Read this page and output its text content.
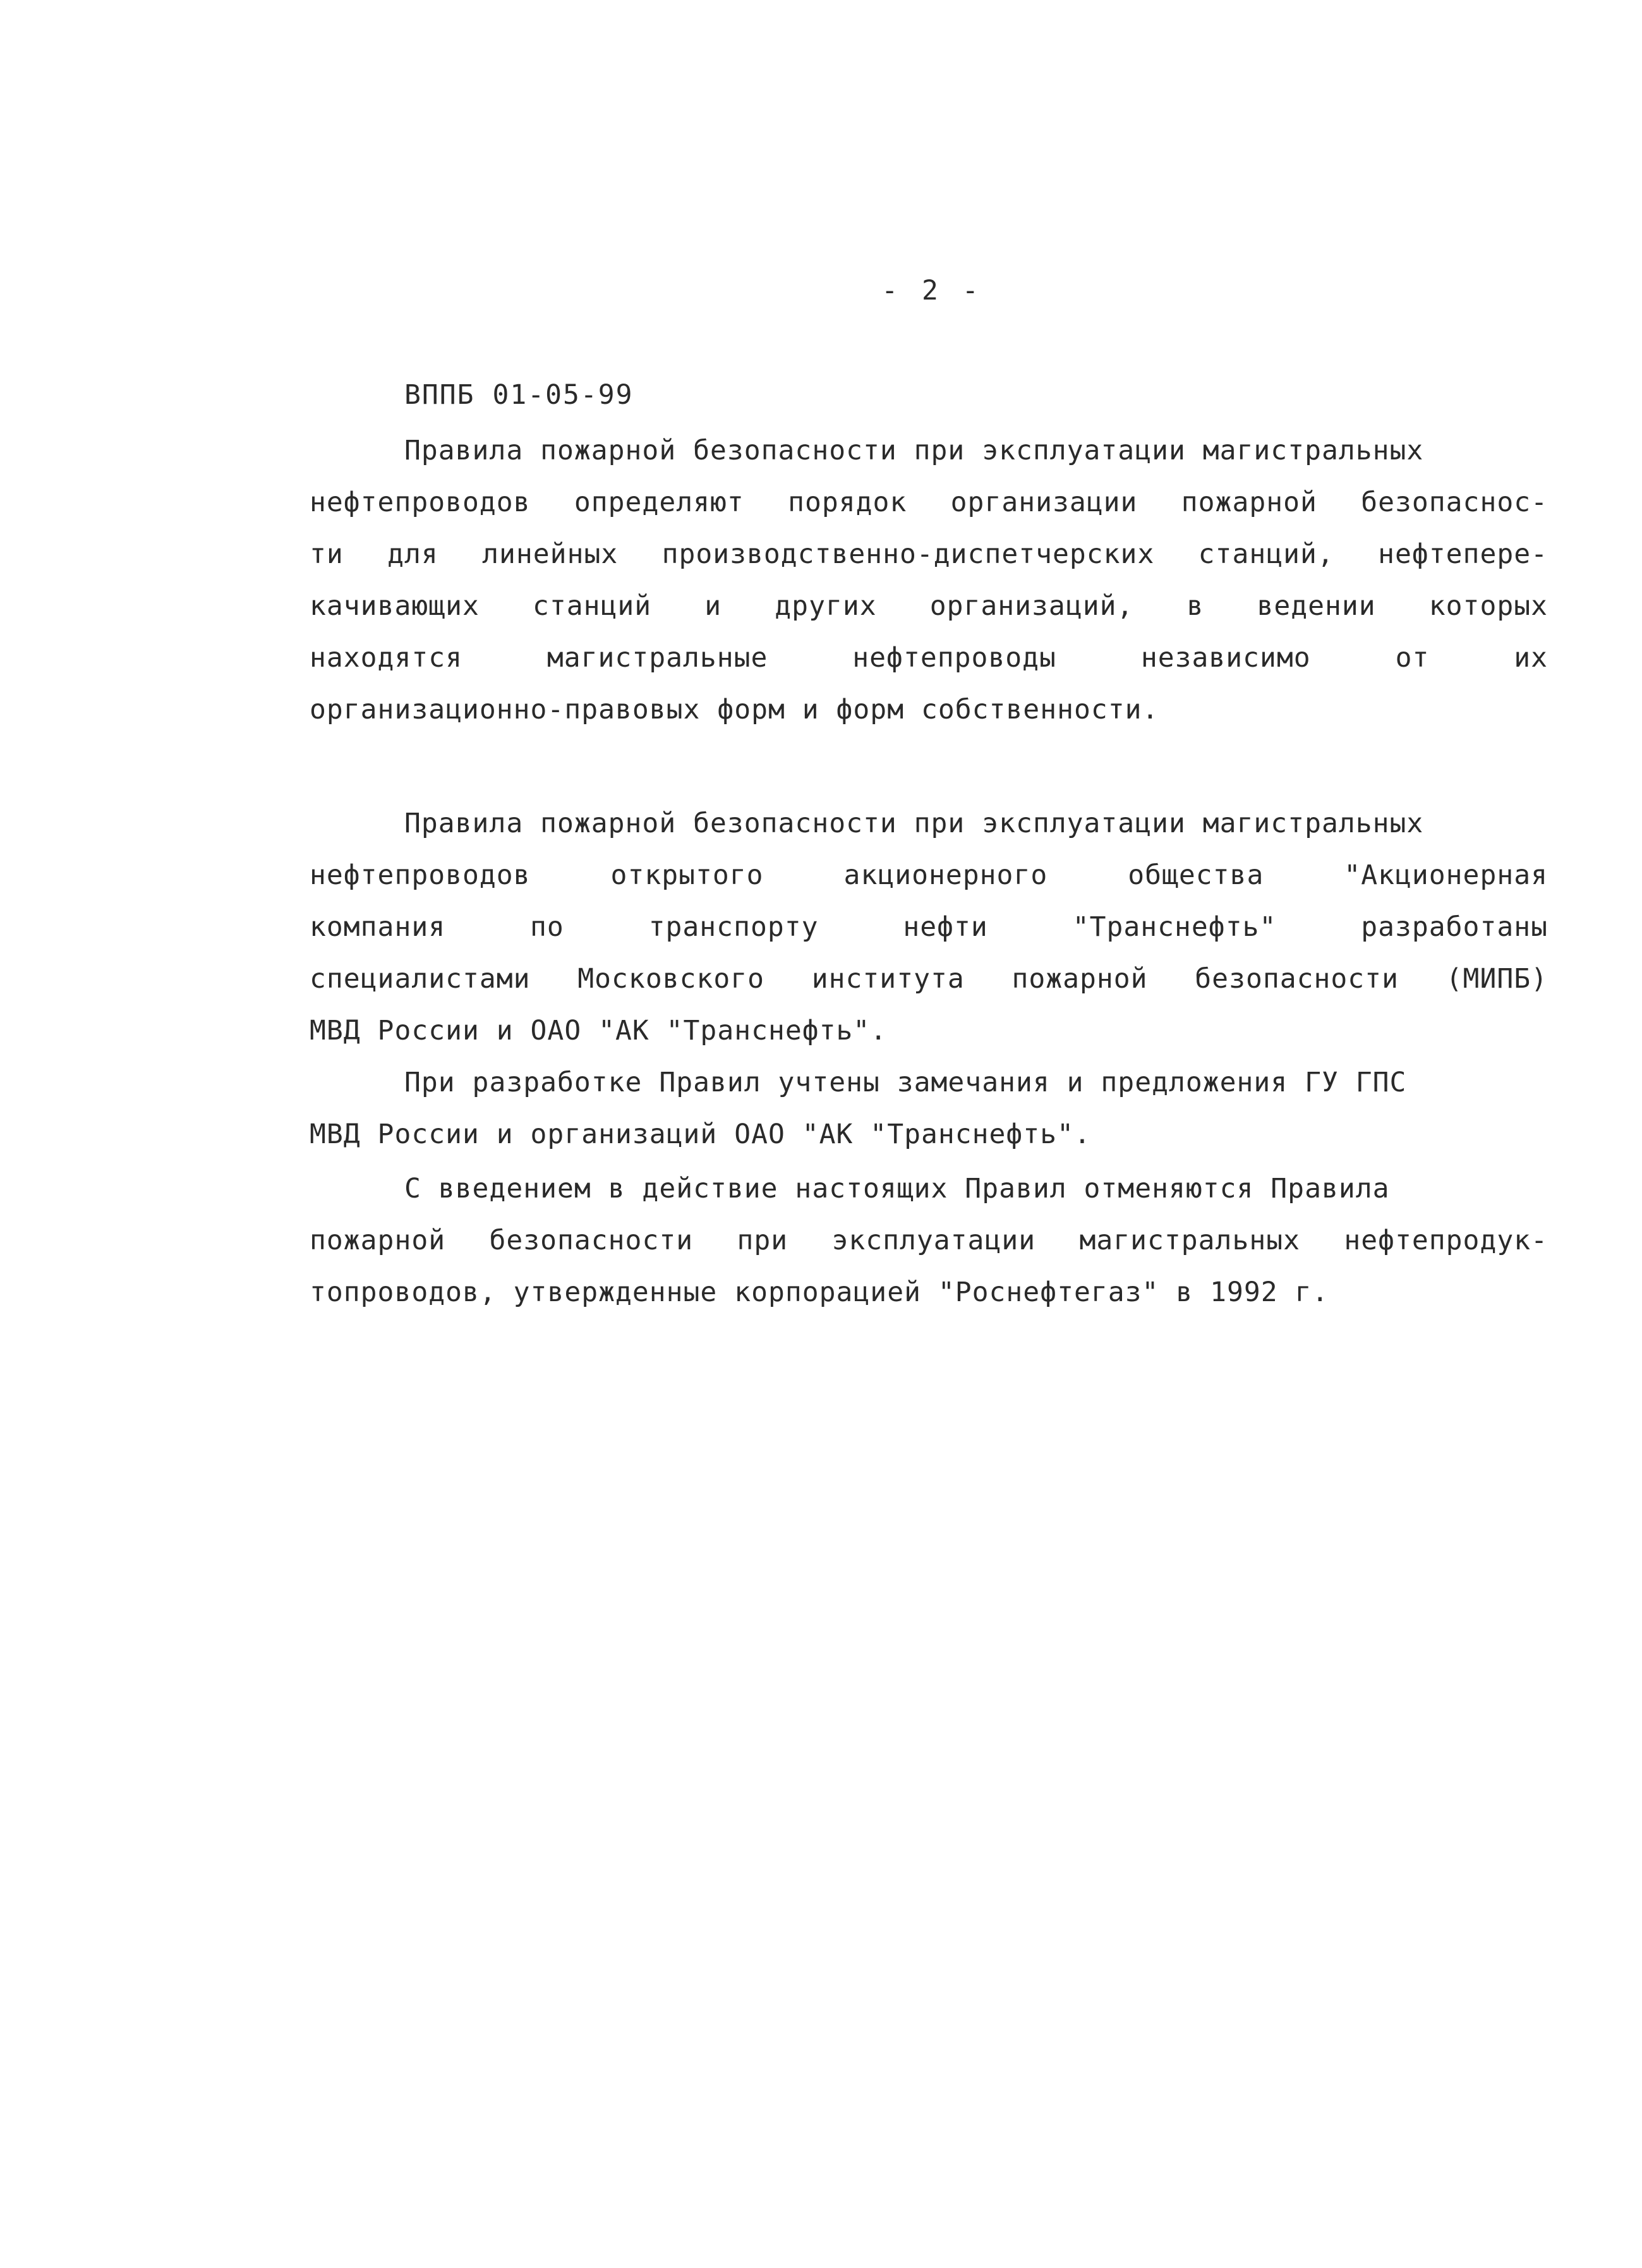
- 2 -

ВППБ 01-05-99

Правила пожарной безопасности при эксплуатации магистральных
нефтепроводов определяют порядок организации пожарной безопаснос-
ти для линейных производственно-диспетчерских станций, нефтепере-
качивающих станций и других организаций, в ведении которых
находятся магистральные нефтепроводы независимо от их
организационно-правовых форм и форм собственности.
Правила пожарной безопасности при эксплуатации магистральных
нефтепроводов открытого акционерного общества "Акционерная
компания по транспорту нефти "Транснефть" разработаны
специалистами Московского института пожарной безопасности (МИПБ)
МВД России и ОАО "АК "Транснефть".
При разработке Правил учтены замечания и предложения ГУ ГПС
МВД России и организаций ОАО "АК "Транснефть".
С введением в действие настоящих Правил отменяются Правила
пожарной безопасности при эксплуатации магистральных нефтепродук-
топроводов, утвержденные корпорацией "Роснефтегаз" в 1992 г.
